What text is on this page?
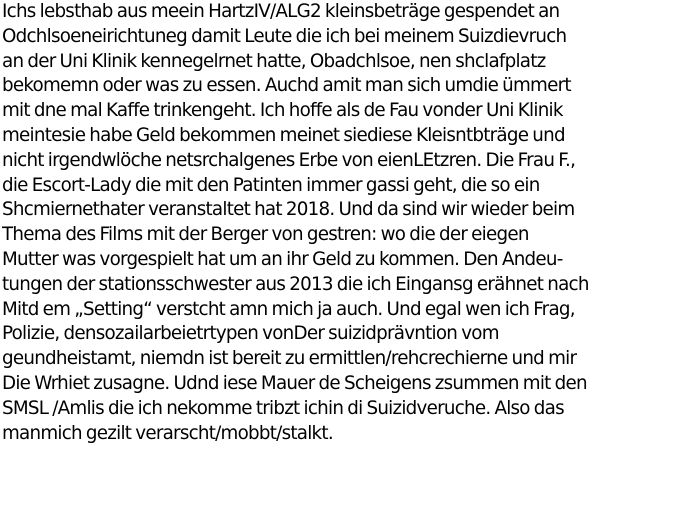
Ichs lebsthab aus meein HartzIV/ALG2 kleinsbeträge gespendet an
Odchlsoeneirichtuneg damit Leute die ich bei meinem Suizdievruch
an der Uni Klinik kennegelrnet hatte, Obadchlsoe, nen shclafplatz
bekomemn oder was zu essen. Auchd amit man sich umdie ümmert
mit dne mal Kaffe trinkengeht. Ich hoffe als de Fau vonder Uni Klinik
meintesie habe Geld bekommen meinet siediese Kleisntbträge und
nicht irgendwlöche netsrchalgenes Erbe von eienLEtzren. Die Frau F.,
die Escort-Lady die mit den Patinten immer gassi geht, die so ein
Shcmiernethater veranstaltet hat 2018. Und da sind wir wieder beim
Thema des Films mit der Berger von gestren: wo die der eiegen
Mutter was vorgespielt hat um an ihr Geld zu kommen. Den Andeu-
tungen der stationsschwester aus 2013 die ich Eingansg erähnet nach
Mitd em „Setting“ verstcht amn mich ja auch. Und egal wen ich Frag,
Polizie, densozailarbeietrtypen vonDer suizidprävntion vom
geundheistamt, niemdn ist bereit zu ermittlen/rehcrechierne und mir
Die Wrhiet zusagne. Udnd iese Mauer de Scheigens zsummen mit den
SMSL /Amlis die ich nekomme tribzt ichin di Suizidveruche. Also das
manmich gezilt verarscht/mobbt/stalkt.
